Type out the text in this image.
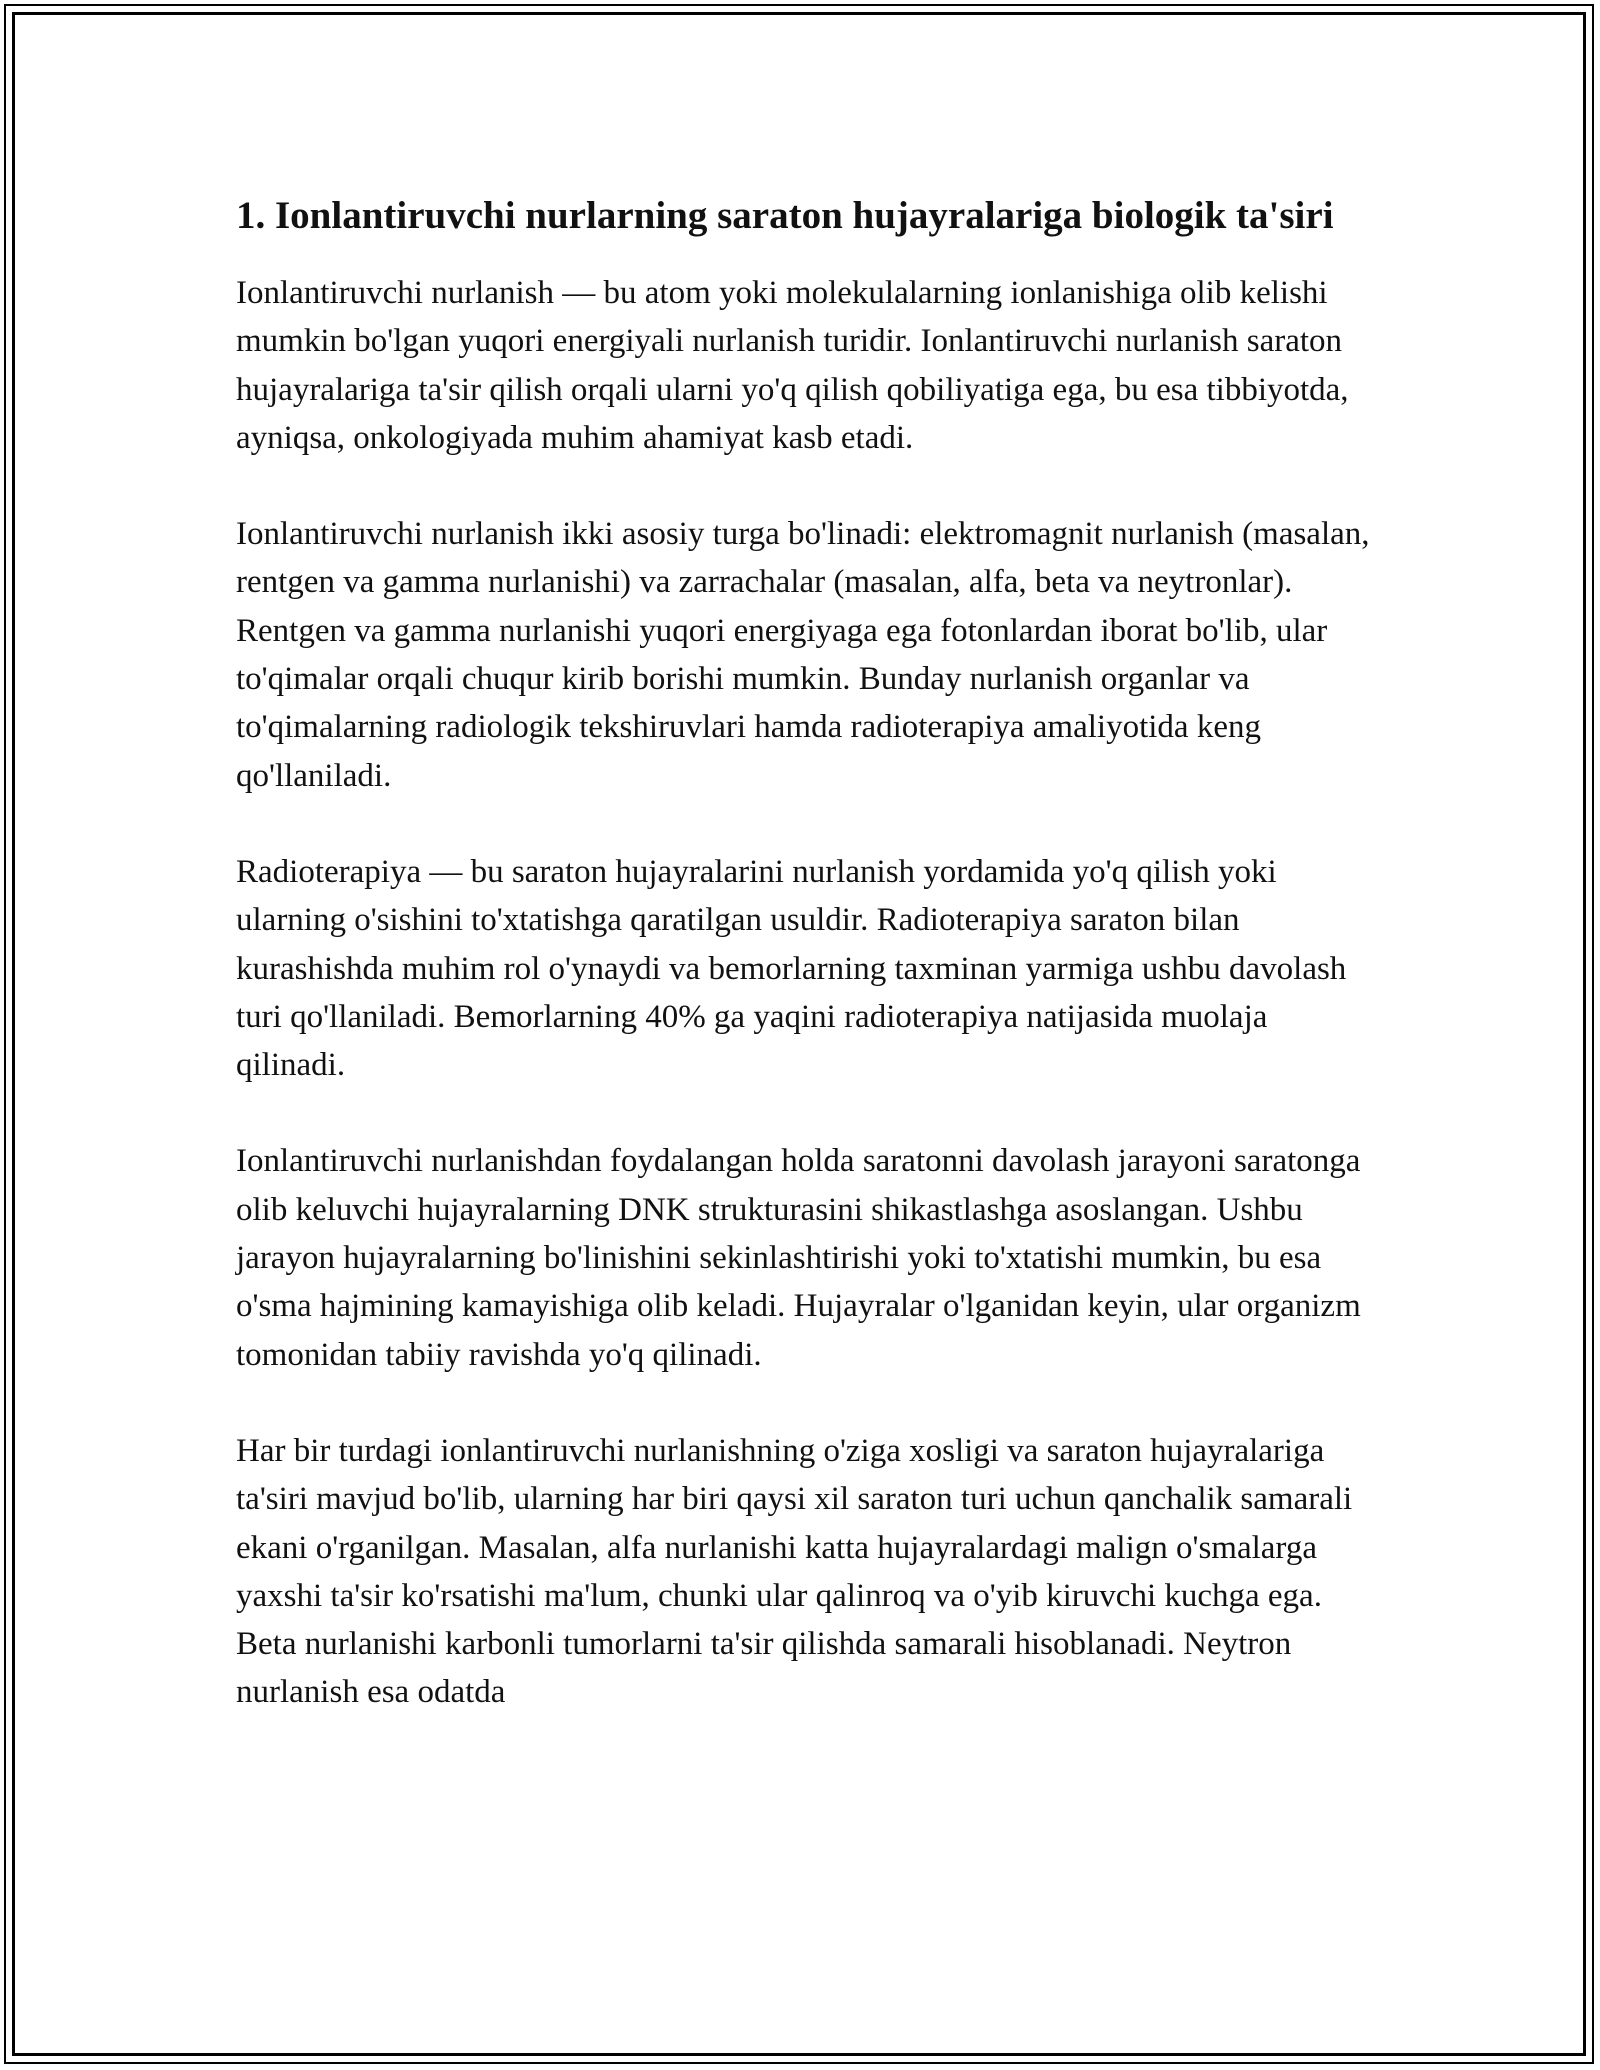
1. Ionlantiruvchi nurlarning saraton hujayralariga biologik ta'siri

Ionlantiruvchi nurlanish — bu atom yoki molekulalarning ionlanishiga olib kelishi mumkin bo'lgan yuqori energiyali nurlanish turidir. Ionlantiruvchi nurlanish saraton hujayralariga ta'sir qilish orqali ularni yo'q qilish qobiliyatiga ega, bu esa tibbiyotda, ayniqsa, onkologiyada muhim ahamiyat kasb etadi.

Ionlantiruvchi nurlanish ikki asosiy turga bo'linadi: elektromagnit nurlanish (masalan, rentgen va gamma nurlanishi) va zarrachalar (masalan, alfa, beta va neytronlar). Rentgen va gamma nurlanishi yuqori energiyaga ega fotonlardan iborat bo'lib, ular to'qimalar orqali chuqur kirib borishi mumkin. Bunday nurlanish organlar va to'qimalarning radiologik tekshiruvlari hamda radioterapiya amaliyotida keng qo'llaniladi.

Radioterapiya — bu saraton hujayralarini nurlanish yordamida yo'q qilish yoki ularning o'sishini to'xtatishga qaratilgan usuldir. Radioterapiya saraton bilan kurashishda muhim rol o'ynaydi va bemorlarning taxminan yarmiga ushbu davolash turi qo'llaniladi. Bemorlarning 40% ga yaqini radioterapiya natijasida muolaja qilinadi.

Ionlantiruvchi nurlanishdan foydalangan holda saratonni davolash jarayoni saratonga olib keluvchi hujayralarning DNK strukturasini shikastlashga asoslangan. Ushbu jarayon hujayralarning bo'linishini sekinlashtirishi yoki to'xtatishi mumkin, bu esa o'sma hajmining kamayishiga olib keladi. Hujayralar o'lganidan keyin, ular organizm tomonidan tabiiy ravishda yo'q qilinadi.

Har bir turdagi ionlantiruvchi nurlanishning o'ziga xosligi va saraton hujayralariga ta'siri mavjud bo'lib, ularning har biri qaysi xil saraton turi uchun qanchalik samarali ekani o'rganilgan. Masalan, alfa nurlanishi katta hujayralardagi malign o'smalarga yaxshi ta'sir ko'rsatishi ma'lum, chunki ular qalinroq va o'yib kiruvchi kuchga ega. Beta nurlanishi karbonli tumorlarni ta'sir qilishda samarali hisoblanadi. Neytron nurlanish esa odatda
